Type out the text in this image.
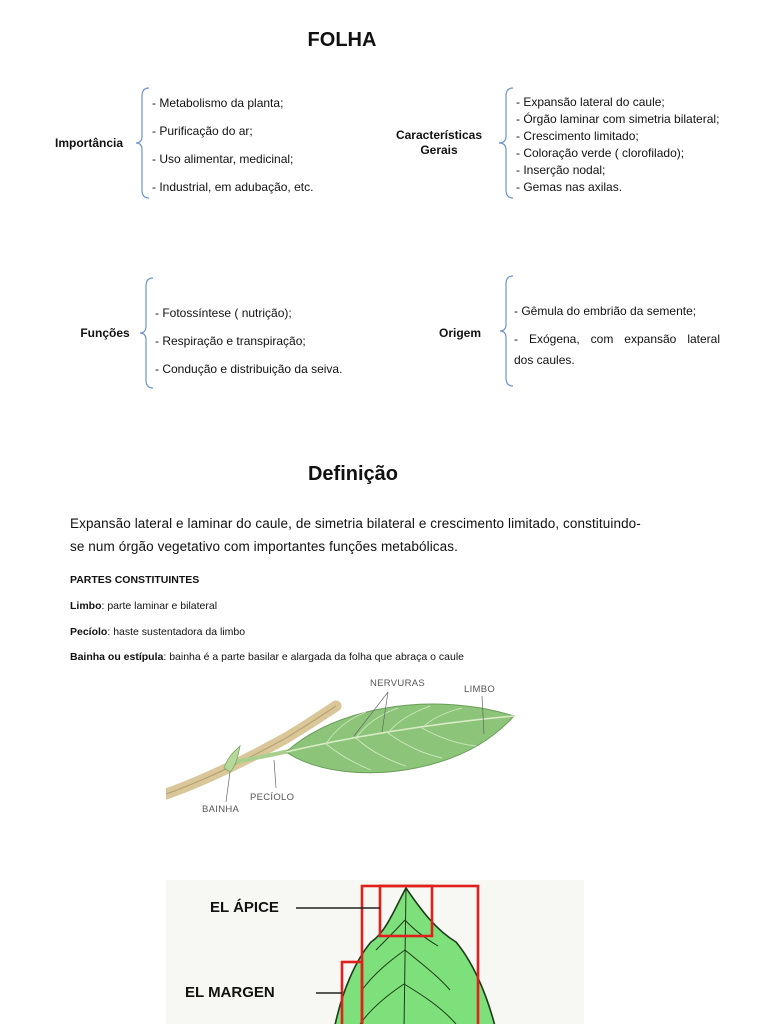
FOLHA
Importância
- Metabolismo da planta;
- Purificação do ar;
- Uso alimentar, medicinal;
- Industrial, em adubação, etc.
Características
Gerais
- Expansão lateral do caule;
- Órgão laminar com simetria bilateral;
- Crescimento limitado;
- Coloração verde ( clorofilado);
- Inserção nodal;
- Gemas nas axilas.
Funções
- Fotossíntese ( nutrição);
- Respiração e transpiração;
- Condução e distribuição da seiva.
Origem
- Gêmula do embrião da semente;
- Exógena, com expansão lateral
dos caules.
Definição
Expansão lateral e laminar do caule, de simetria bilateral e crescimento limitado, constituindo-
se num órgão vegetativo com importantes funções metabólicas.
PARTES CONSTITUINTES
Limbo: parte laminar e bilateral
Pecíolo: haste sustentadora da limbo
Bainha ou estípula: bainha é a parte basilar e alargada da folha que abraça o caule
NERVURAS
LIMBO
PECÍOLO
BAINHA
EL ÁPICE
EL MARGEN
